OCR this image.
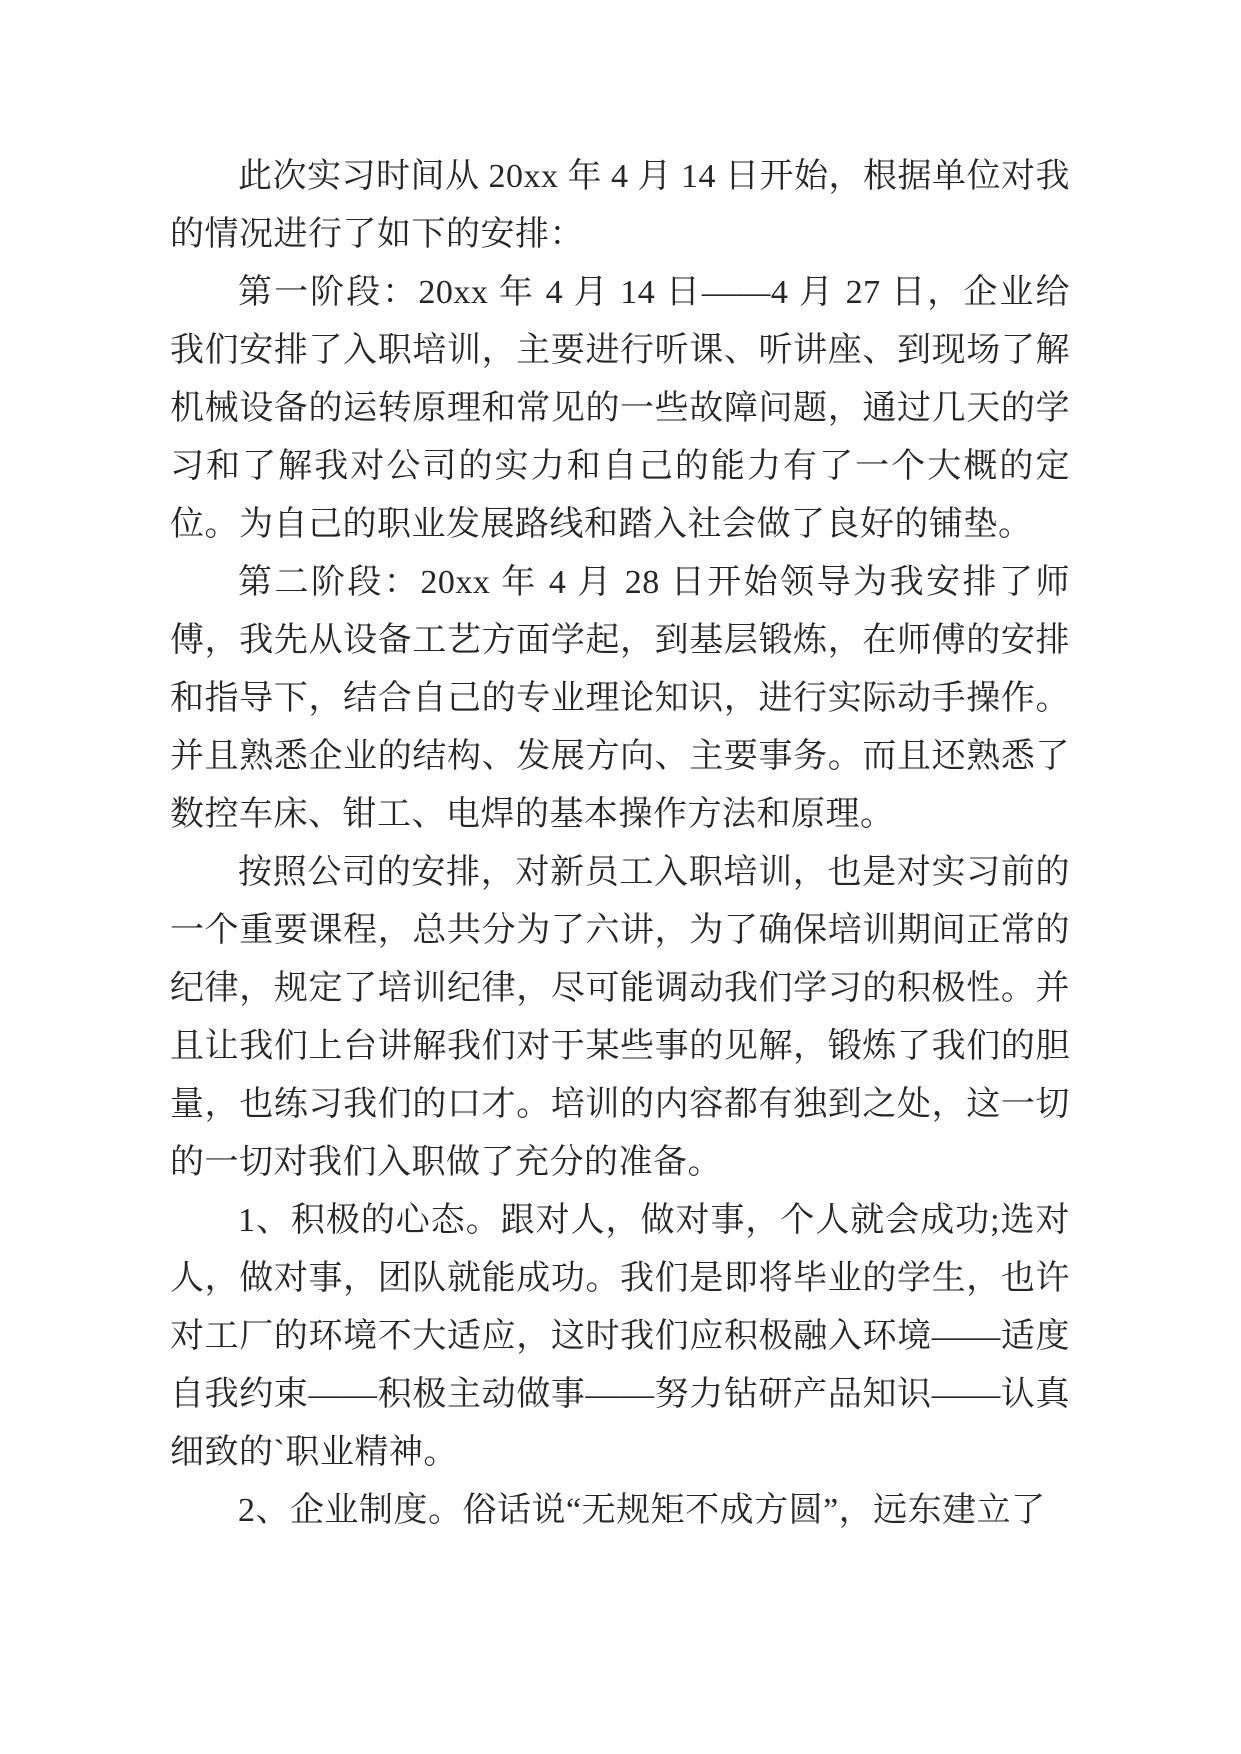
此次实习时间从 20xx 年 4 月 14 日开始，根据单位对我的情况进行了如下的安排：

第一阶段：20xx 年 4 月 14 日——4 月 27 日，企业给我们安排了入职培训，主要进行听课、听讲座、到现场了解机械设备的运转原理和常见的一些故障问题，通过几天的学习和了解我对公司的实力和自己的能力有了一个大概的定位。为自己的职业发展路线和踏入社会做了良好的铺垫。

第二阶段：20xx 年 4 月 28 日开始领导为我安排了师傅，我先从设备工艺方面学起，到基层锻炼，在师傅的安排和指导下，结合自己的专业理论知识，进行实际动手操作。并且熟悉企业的结构、发展方向、主要事务。而且还熟悉了数控车床、钳工、电焊的基本操作方法和原理。

按照公司的安排，对新员工入职培训，也是对实习前的一个重要课程，总共分为了六讲，为了确保培训期间正常的纪律，规定了培训纪律，尽可能调动我们学习的积极性。并且让我们上台讲解我们对于某些事的见解，锻炼了我们的胆量，也练习我们的口才。培训的内容都有独到之处，这一切的一切对我们入职做了充分的准备。

1、积极的心态。跟对人，做对事，个人就会成功;选对人，做对事，团队就能成功。我们是即将毕业的学生，也许对工厂的环境不大适应，这时我们应积极融入环境——适度自我约束——积极主动做事——努力钻研产品知识——认真细致的`职业精神。

2、企业制度。俗话说“无规矩不成方圆”，远东建立了
